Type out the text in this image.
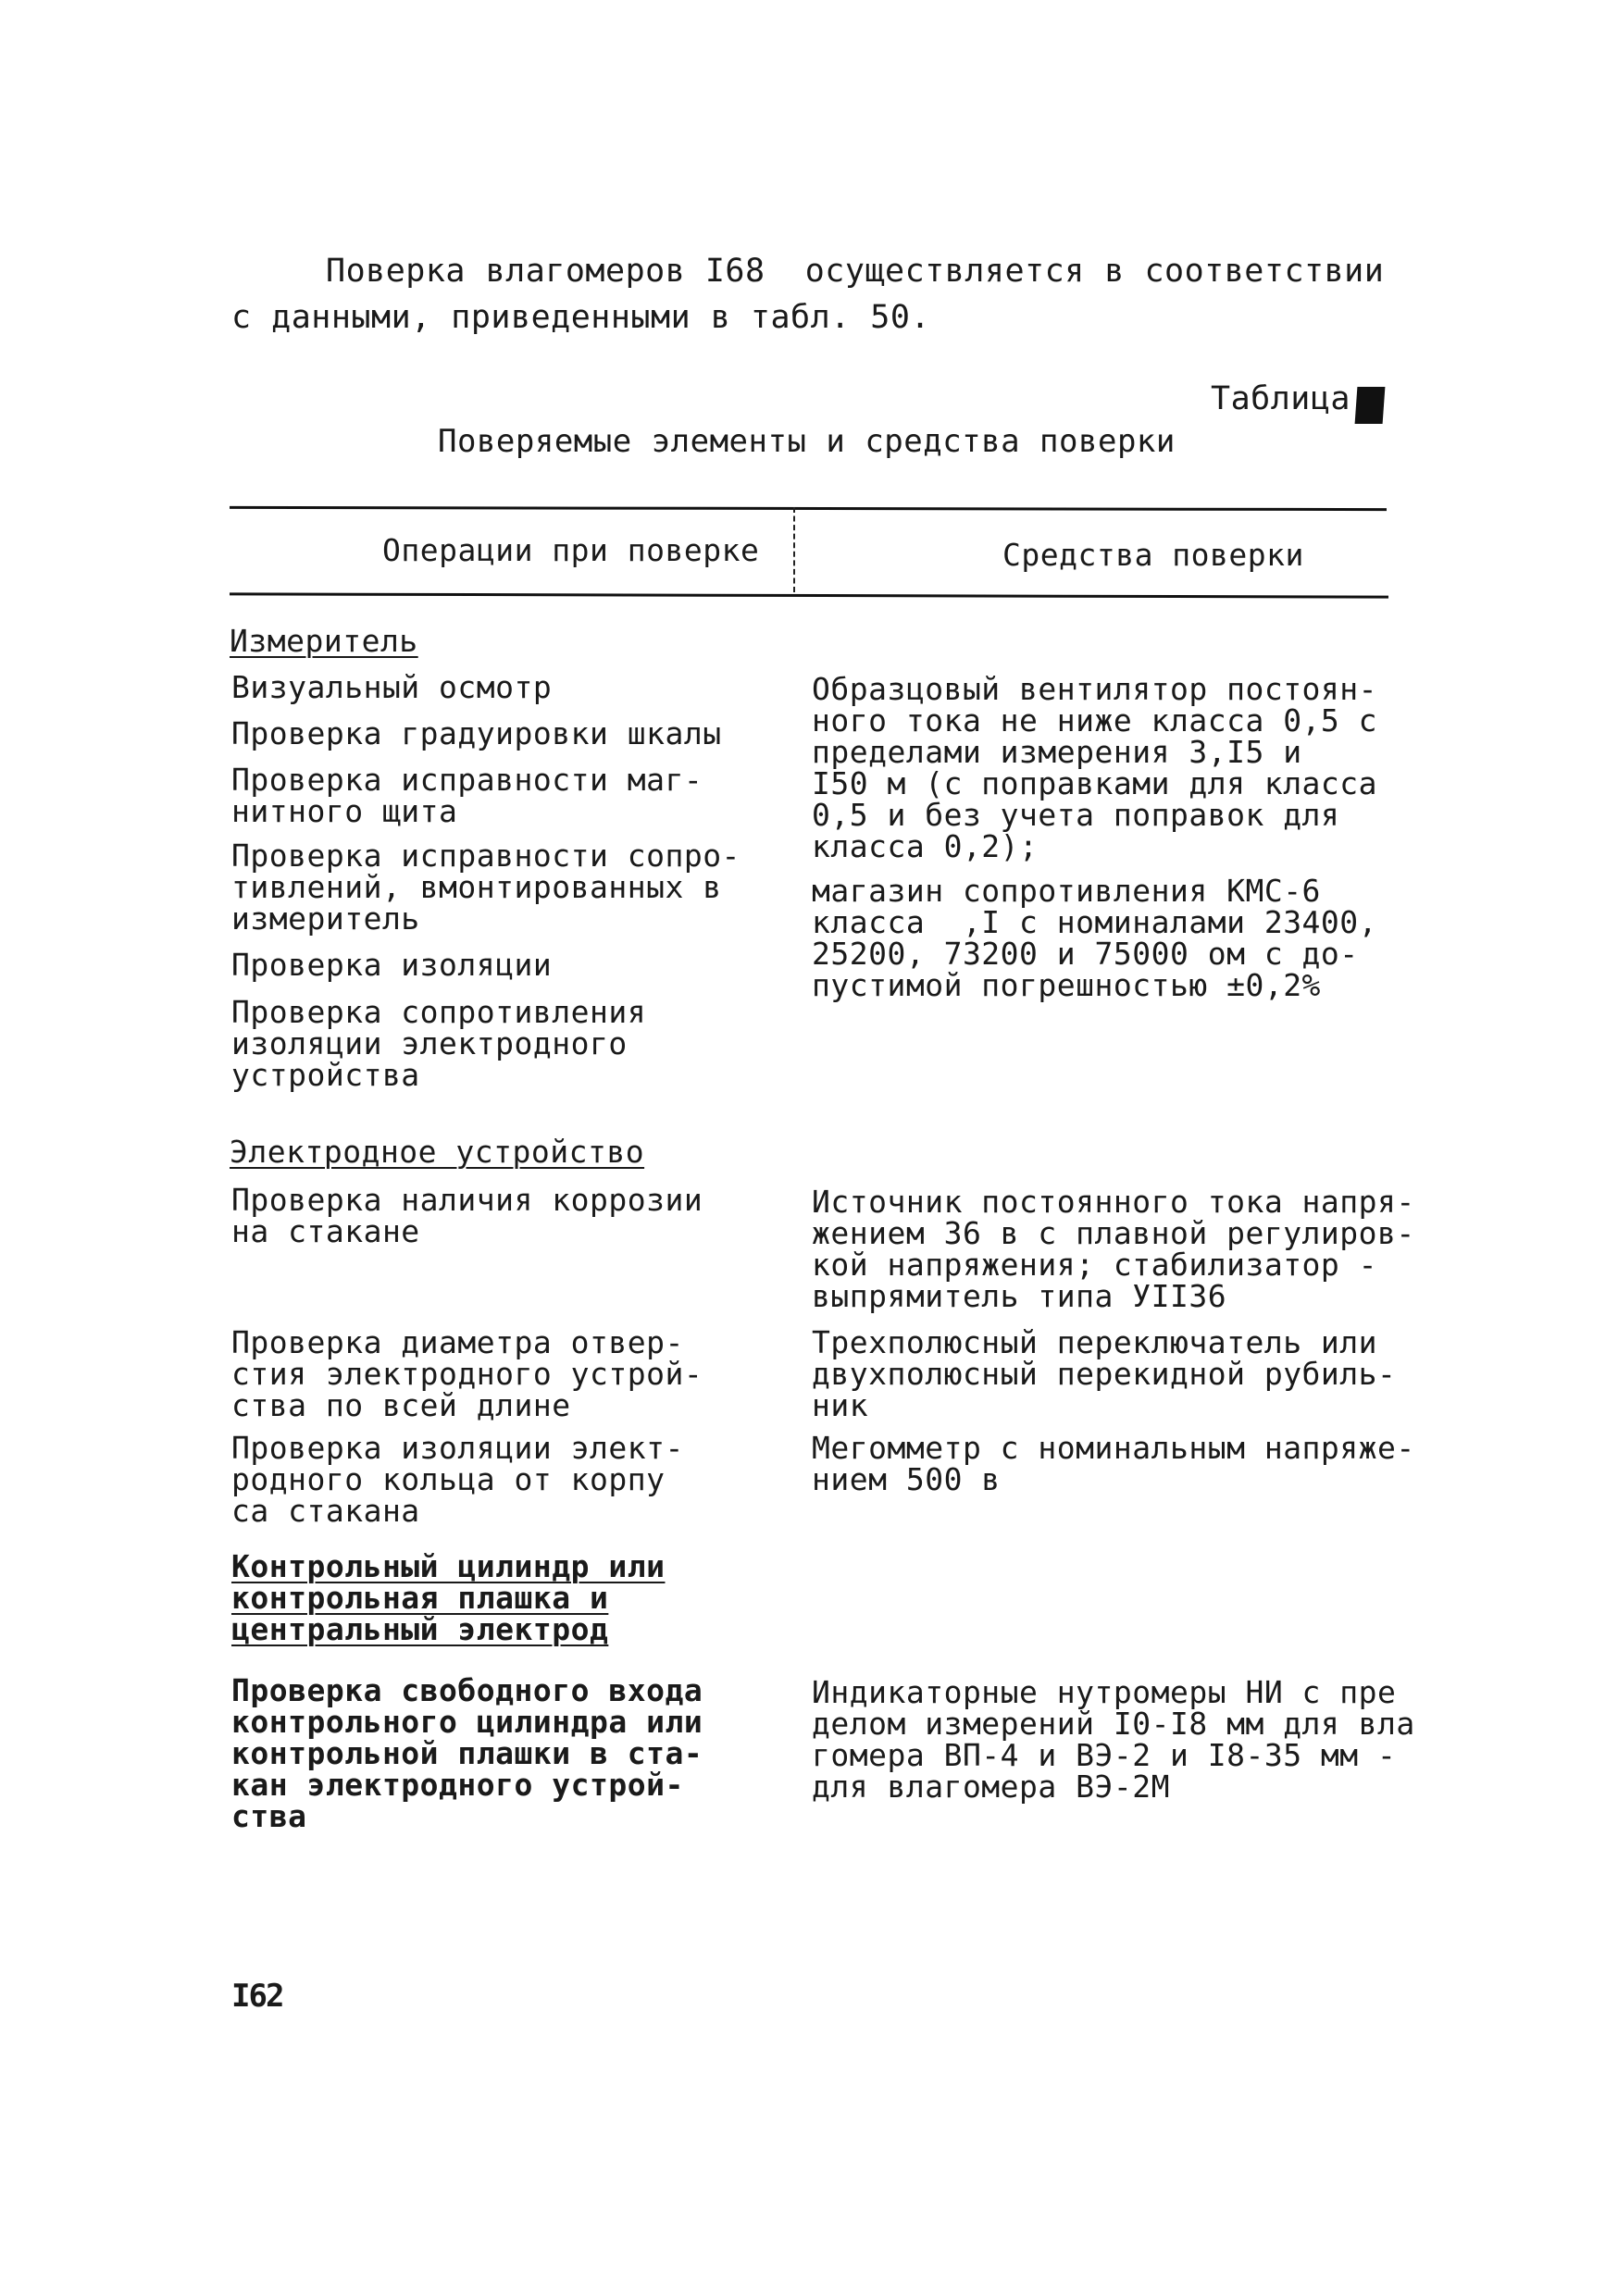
Поверка влагомеров I68  осуществляется в соответствии
с данными, приведенными в табл. 50.
Таблица
Поверяемые элементы и средства поверки
Операции при поверке	Средства поверки
Измеритель
Визуальный осмотр
Проверка градуировки шкалы
Проверка исправности маг-
нитного щита
Проверка исправности сопро-
тивлений, вмонтированных в
измеритель
Проверка изоляции
Проверка сопротивления
изоляции электродного
устройства
Образцовый вентилятор постоян-
ного тока не ниже класса 0,5 с
пределами измерения 3,I5 и
I50 м (с поправками для класса
0,5 и без учета поправок для
класса 0,2);
магазин сопротивления КМС-6
класса  ,I с номиналами 23400,
25200, 73200 и 75000 ом с до-
пустимой погрешностью ±0,2%
Электродное устройство
Проверка наличия коррозии
на стакане
Проверка диаметра отвер-
стия электродного устрой-
ства по всей длине
Проверка изоляции элект-
родного кольца от корпу
са стакана
Источник постоянного тока напря-
жением 36 в с плавной регулиров-
кой напряжения; стабилизатор -
выпрямитель типа УII36
Трехполюсный переключатель или
двухполюсный перекидной рубиль-
ник
Мегомметр с номинальным напряже-
нием 500 в
Контрольный цилиндр или
контрольная плашка и
центральный электрод
Проверка свободного входа
контрольного цилиндра или
контрольной плашки в ста-
кан электродного устрой-
ства
Индикаторные нутромеры НИ с пре
делом измерений I0-I8 мм для вла
гомера ВП-4 и ВЭ-2 и I8-35 мм -
для влагомера ВЭ-2М
I62
